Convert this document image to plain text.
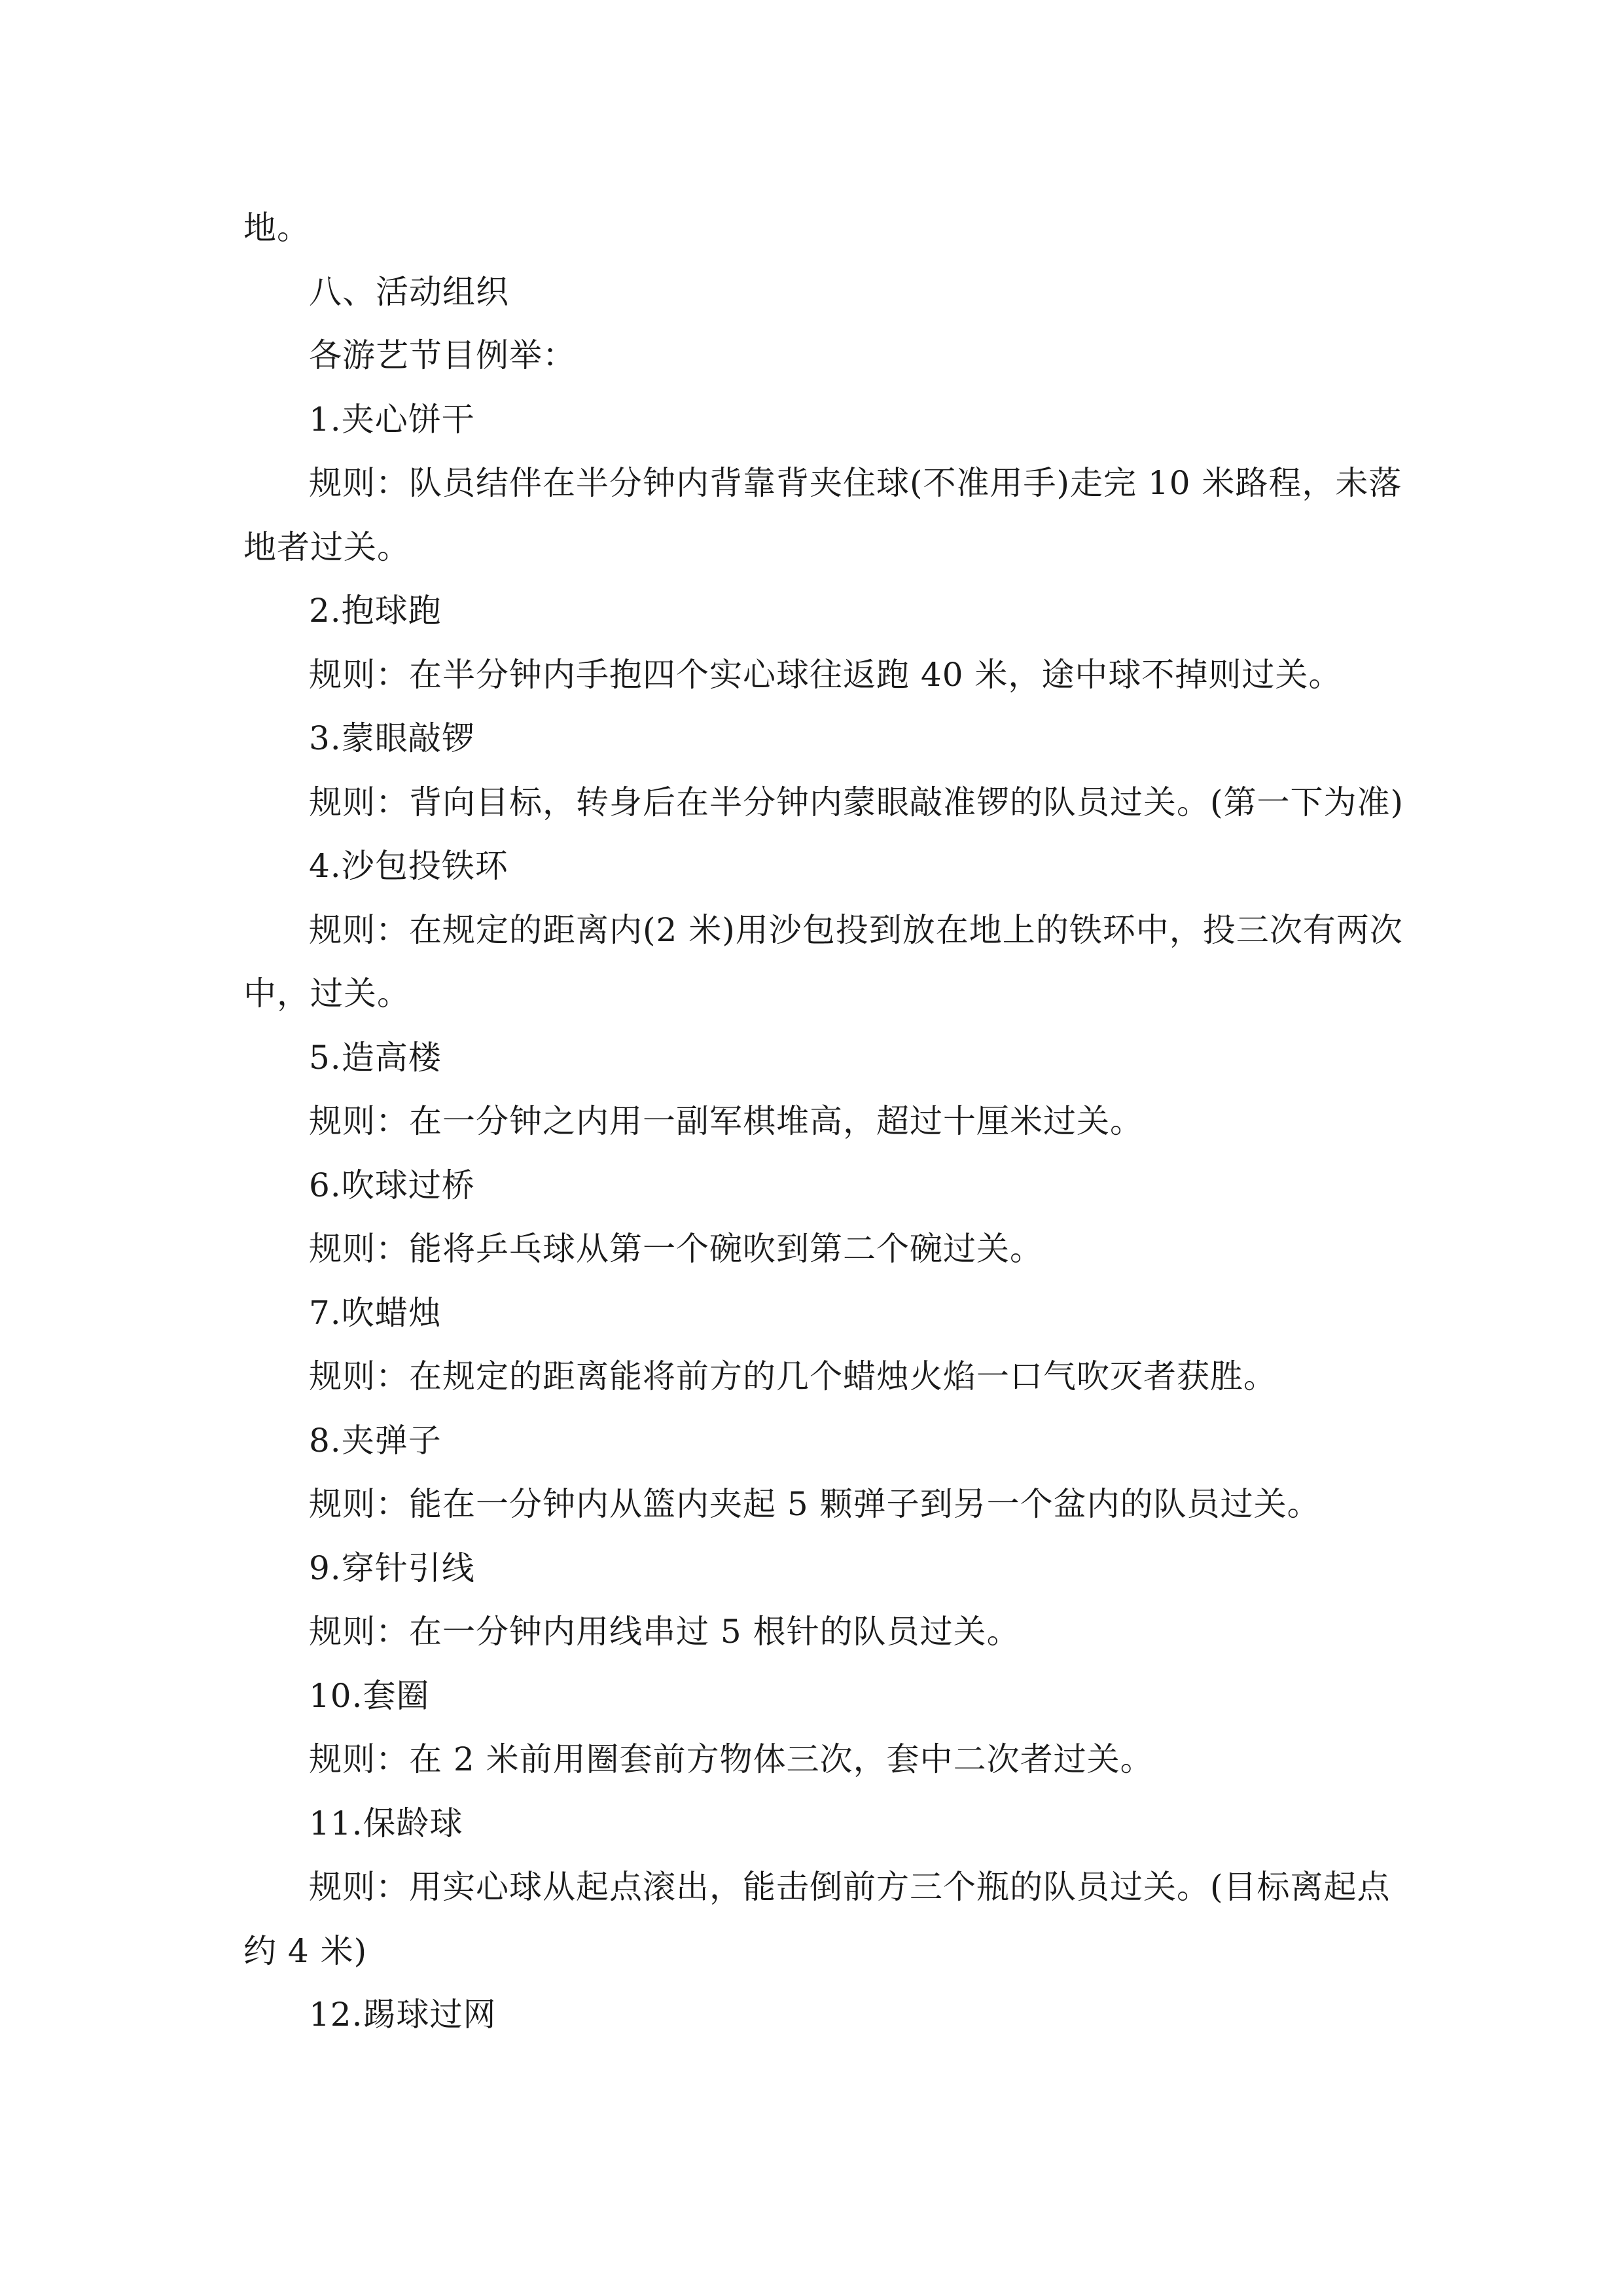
地。
八、活动组织
各游艺节目例举：
1.夹心饼干
规则：队员结伴在半分钟内背靠背夹住球(不准用手)走完 10 米路程，未落
地者过关。
2.抱球跑
规则：在半分钟内手抱四个实心球往返跑 40 米，途中球不掉则过关。
3.蒙眼敲锣
规则：背向目标，转身后在半分钟内蒙眼敲准锣的队员过关。(第一下为准)
4.沙包投铁环
规则：在规定的距离内(2 米)用沙包投到放在地上的铁环中，投三次有两次
中，过关。
5.造高楼
规则：在一分钟之内用一副军棋堆高，超过十厘米过关。
6.吹球过桥
规则：能将乒乓球从第一个碗吹到第二个碗过关。
7.吹蜡烛
规则：在规定的距离能将前方的几个蜡烛火焰一口气吹灭者获胜。
8.夹弹子
规则：能在一分钟内从篮内夹起 5 颗弹子到另一个盆内的队员过关。
9.穿针引线
规则：在一分钟内用线串过 5 根针的队员过关。
10.套圈
规则：在 2 米前用圈套前方物体三次，套中二次者过关。
11.保龄球
规则：用实心球从起点滚出，能击倒前方三个瓶的队员过关。(目标离起点
约 4 米)
12.踢球过网
